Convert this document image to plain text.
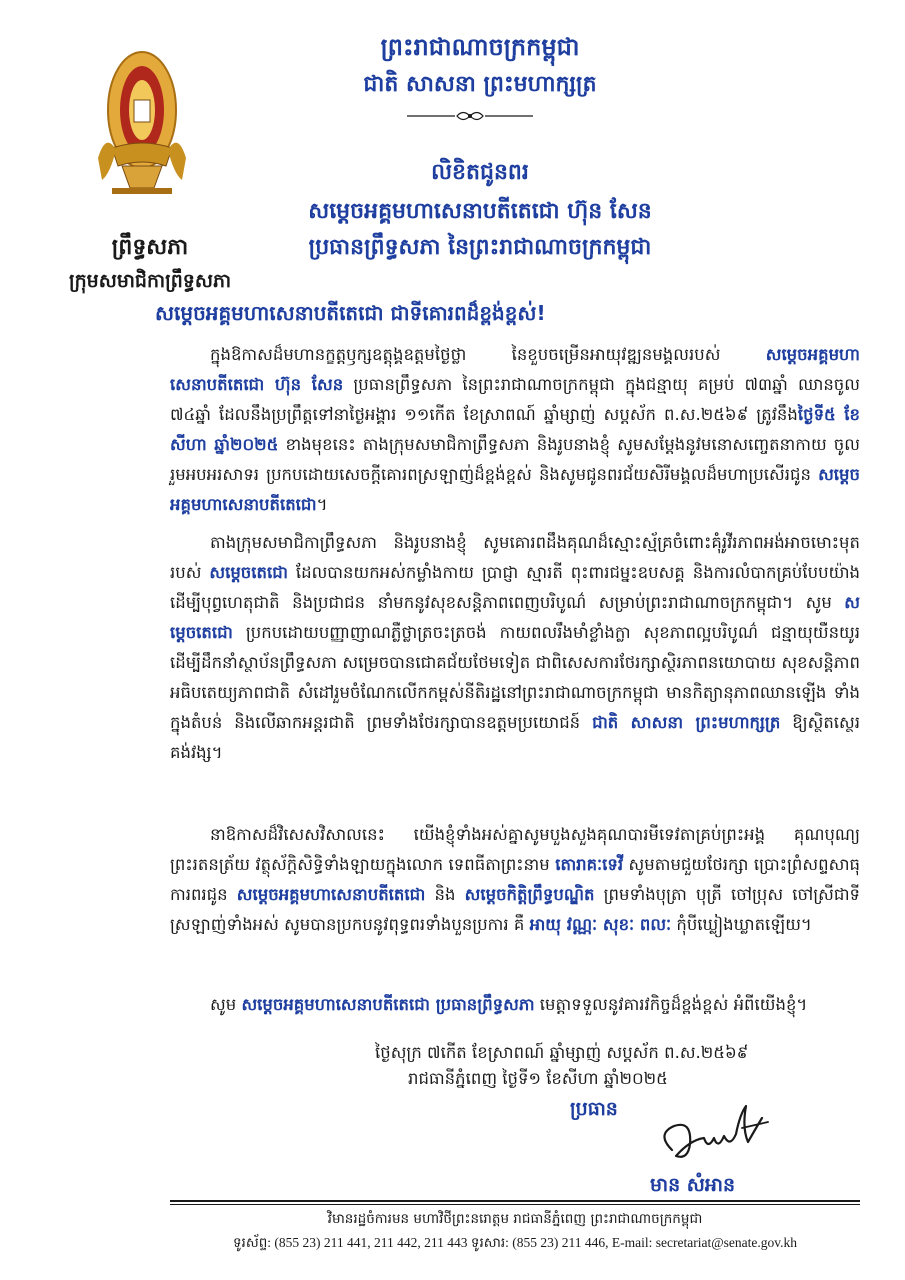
ព្រះរាជាណាចក្រកម្ពុជា
ជាតិ សាសនា ព្រះមហាក្សត្រ
លិខិតជូនពរ
សម្តេចអគ្គមហាសេនាបតីតេជោ ហ៊ុន សែន
ប្រធានព្រឹទ្ធសភា នៃព្រះរាជាណាចក្រកម្ពុជា
ព្រឹទ្ធសភា
ក្រុមសមាជិកាព្រឹទ្ធសភា
សម្តេចអគ្គមហាសេនាបតីតេជោ ជាទីគោរពដ៏ខ្ពង់ខ្ពស់!
ក្នុងឱកាសដ៏មហានក្ខត្តឫក្សឧត្តុង្គឧត្តមថ្ងៃថ្លា នៃខួបចម្រើនអាយុវឌ្ឍនមង្គលរបស់ សម្តេចអគ្គមហាសេនាបតីតេជោ ហ៊ុន សែន ប្រធានព្រឹទ្ធសភា នៃព្រះរាជាណាចក្រកម្ពុជា ក្នុងជន្មាយុ គម្រប់ ៧៣ឆ្នាំ ឈានចូល ៧៤ឆ្នាំ ដែលនឹងប្រព្រឹត្តទៅនាថ្ងៃអង្គារ ១១កើត ខែស្រាពណ៍ ឆ្នាំម្សាញ់ សប្តស័ក ព.ស.២៥៦៩ ត្រូវនឹងថ្ងៃទី៥ ខែសីហា ឆ្នាំ២០២៥ ខាងមុខនេះ តាងក្រុមសមាជិកាព្រឹទ្ធសភា និងរូបនាងខ្ញុំ សូមសម្តែងនូវមនោសញ្ចេតនាកាយ ចូលរួមអបអរសាទរ ប្រកបដោយសេចក្តីគោរពស្រឡាញ់ដ៏ខ្ពង់ខ្ពស់ និងសូមជូនពរជ័យសិរីមង្គលដ៏មហាប្រសើរជូន សម្តេចអគ្គមហាសេនាបតីតេជោ។
តាងក្រុមសមាជិកាព្រឹទ្ធសភា និងរូបនាងខ្ញុំ សូមគោរពដឹងគុណដ៏ស្មោះស្ម័គ្រចំពោះគុំរូវីរភាពអង់អាចមោះមុតរបស់ សម្តេចតេជោ ដែលបានយកអស់កម្លាំងកាយ ប្រាជ្ញា ស្មារតី ពុះពារជម្នះឧបសគ្គ និងការលំបាកគ្រប់បែបយ៉ាង ដើម្បីបុព្វហេតុជាតិ និងប្រជាជន នាំមកនូវសុខសន្តិភាពពេញបរិបូណ៌ សម្រាប់ព្រះរាជាណាចក្រកម្ពុជា។ សូម សម្តេចតេជោ ប្រកបដោយបញ្ញាញាណភ្លឺថ្លាត្រចះត្រចង់ កាយពលរឹងមាំខ្លាំងក្លា សុខភាពល្អបរិបូណ៌ ជន្មាយុយឺនយូរ ដើម្បីដឹកនាំស្ថាប័នព្រឹទ្ធសភា សម្រេចបានជោគជ័យថែមទៀត ជាពិសេសការថែរក្សាស្ថិរភាពនយោបាយ សុខសន្តិភាព អធិបតេយ្យភាពជាតិ សំដៅរួមចំណែកលើកកម្ពស់នីតិរដ្ឋនៅព្រះរាជាណាចក្រកម្ពុជា មានកិត្យានុភាពឈានឡើង ទាំងក្នុងតំបន់ និងលើឆាកអន្តរជាតិ ព្រមទាំងថែរក្សាបានឧត្តមប្រយោជន៍ ជាតិ សាសនា ព្រះមហាក្សត្រ ឱ្យស្ថិតស្ថេរគង់វង្ស។
នាឱកាសដ៏វិសេសវិសាលនេះ យើងខ្ញុំទាំងអស់គ្នាសូមបួងសួងគុណបារមីទេវតាគ្រប់ព្រះអង្គ គុណបុណ្យព្រះរតនត្រ័យ វត្ថុស័ក្តិសិទ្ធិទាំងឡាយក្នុងលោក ទេពធីតាព្រះនាម តោរាគៈទេវី សូមតាមជួយថែរក្សា ប្រោះព្រំសព្ទសាធុការពរជូន សម្តេចអគ្គមហាសេនាបតីតេជោ និង សម្តេចកិត្តិព្រឹទ្ធបណ្ឌិត ព្រមទាំងបុត្រា បុត្រី ចៅប្រុស ចៅស្រីជាទីស្រឡាញ់ទាំងអស់ សូមបានប្រកបនូវពុទ្ធពរទាំងបួនប្រការ គឺ អាយុ វណ្ណៈ សុខៈ ពលៈ កុំបីឃ្លៀងឃ្លាតឡើយ។
សូម សម្តេចអគ្គមហាសេនាបតីតេជោ ប្រធានព្រឹទ្ធសភា មេត្តាទទួលនូវគារវកិច្ចដ៏ខ្ពង់ខ្ពស់ អំពីយើងខ្ញុំ។
ថ្ងៃសុក្រ ៧កើត ខែស្រាពណ៍ ឆ្នាំម្សាញ់ សប្តស័ក ព.ស.២៥៦៩
រាជធានីភ្នំពេញ ថ្ងៃទី១ ខែសីហា ឆ្នាំ២០២៥
ប្រធាន
មាន សំអាន
វិមានរដ្ឋចំការមន មហាវិថីព្រះនរោត្តម រាជធានីភ្នំពេញ ព្រះរាជាណាចក្រកម្ពុជា
ទូរស័ព្ទ: (855 23) 211 441, 211 442, 211 443 ទូរសារ: (855 23) 211 446, E-mail: secretariat@senate.gov.kh
